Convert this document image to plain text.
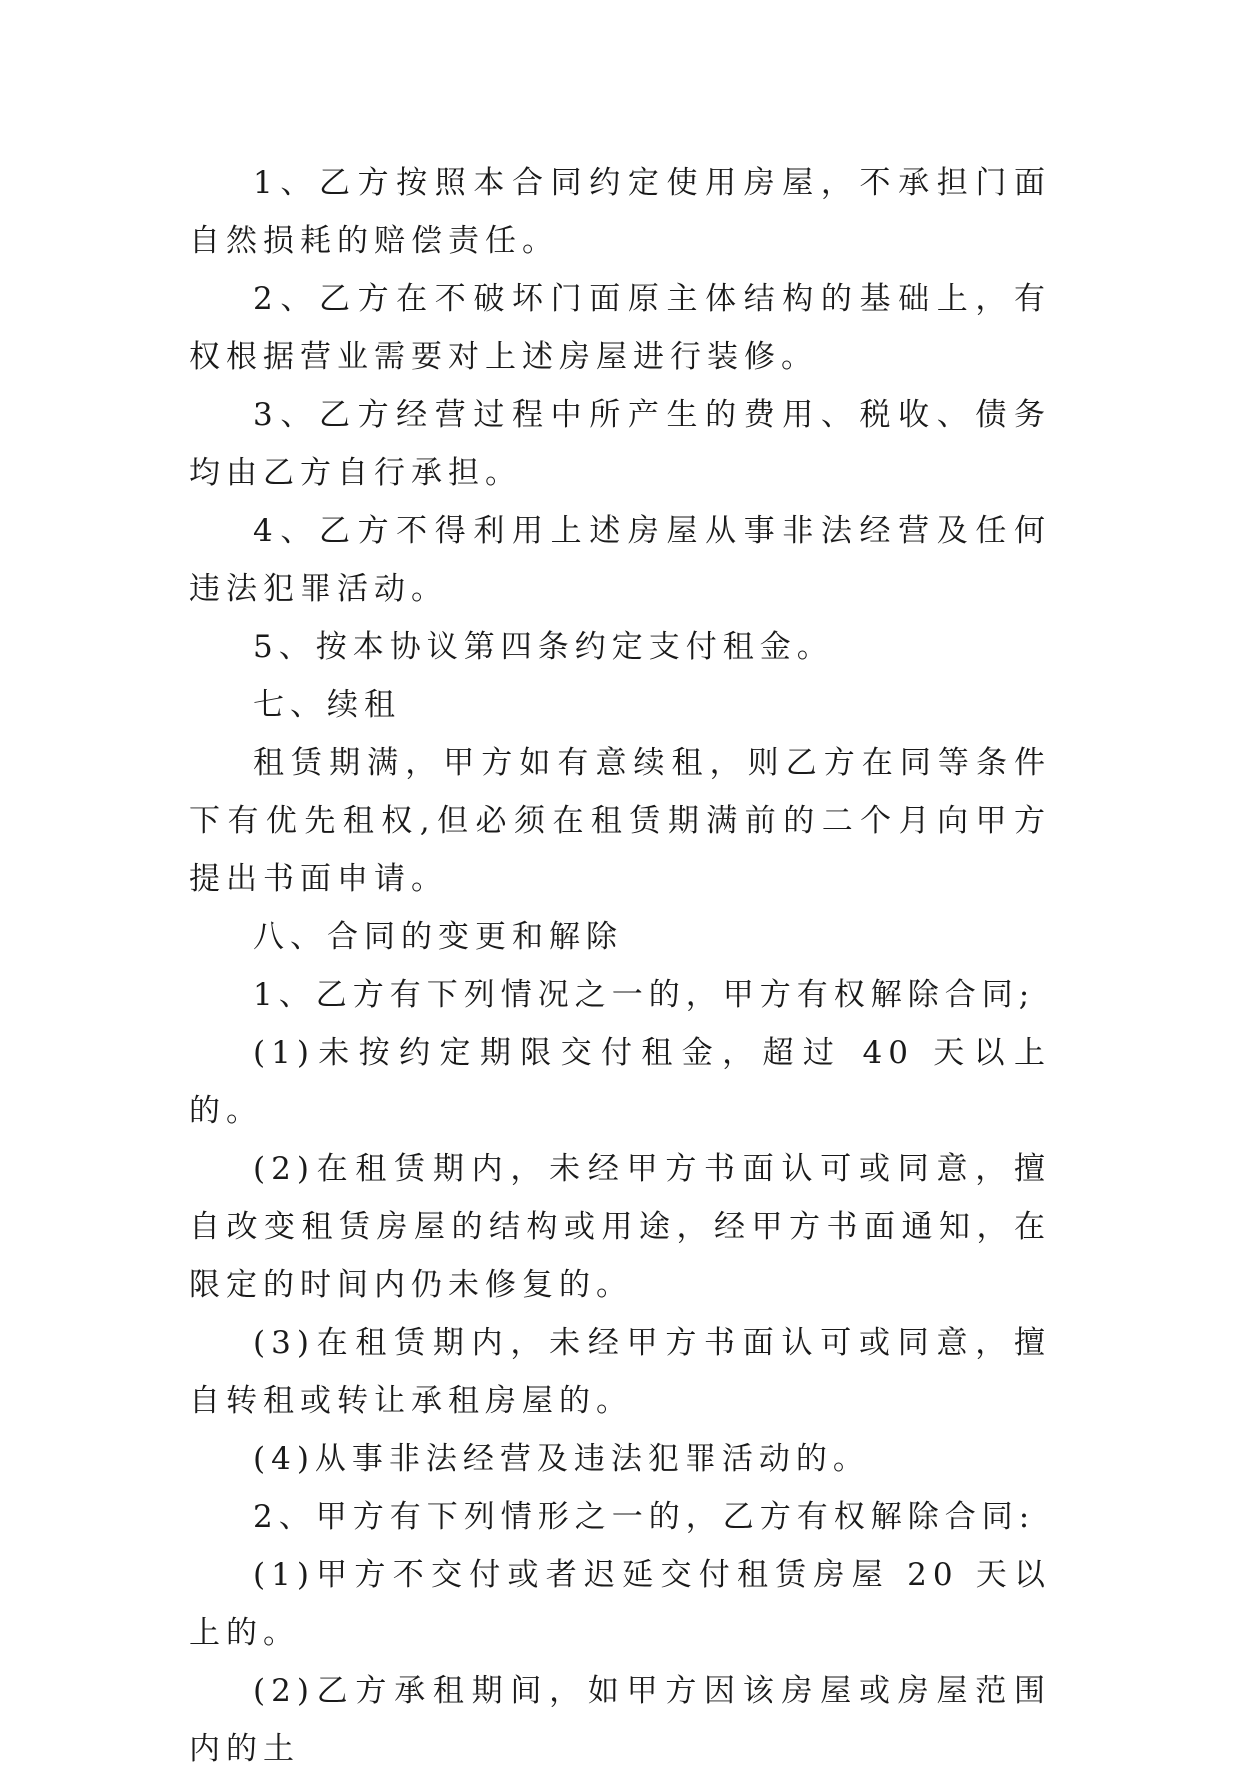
1、乙方按照本合同约定使用房屋，不承担门面自然损耗的赔偿责任。

2、乙方在不破坏门面原主体结构的基础上，有权根据营业需要对上述房屋进行装修。

3、乙方经营过程中所产生的费用、税收、债务均由乙方自行承担。

4、乙方不得利用上述房屋从事非法经营及任何违法犯罪活动。

5、按本协议第四条约定支付租金。

七、续租

租赁期满，甲方如有意续租，则乙方在同等条件下有优先租权,但必须在租赁期满前的二个月向甲方提出书面申请。

八、合同的变更和解除

1、乙方有下列情况之一的，甲方有权解除合同;

(1)未按约定期限交付租金，超过 40 天以上的。

(2)在租赁期内，未经甲方书面认可或同意，擅自改变租赁房屋的结构或用途，经甲方书面通知，在限定的时间内仍未修复的。

(3)在租赁期内，未经甲方书面认可或同意，擅自转租或转让承租房屋的。

(4)从事非法经营及违法犯罪活动的。

2、甲方有下列情形之一的，乙方有权解除合同:

(1)甲方不交付或者迟延交付租赁房屋 20 天以上的。

(2)乙方承租期间，如甲方因该房屋或房屋范围内的土
